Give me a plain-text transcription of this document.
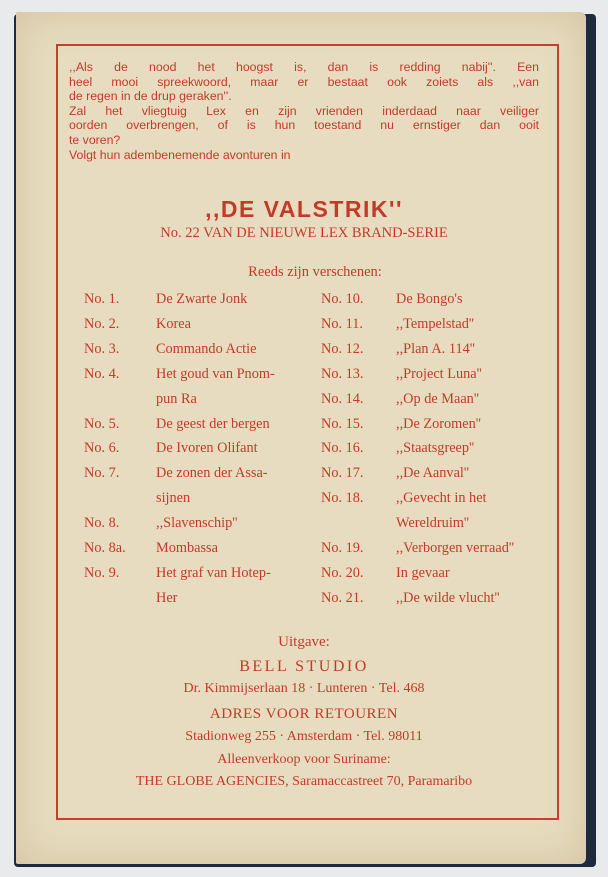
,,Als de nood het hoogst is, dan is redding nabij''. Een
heel mooi spreekwoord, maar er bestaat ook zoiets als ,,van
de regen in de drup geraken''.
Zal het vliegtuig Lex en zijn vrienden inderdaad naar veiliger
oorden overbrengen, of is hun toestand nu ernstiger dan ooit
te voren?
Volgt hun adembenemende avonturen in
,,DE VALSTRIK''
No. 22 VAN DE NIEUWE LEX BRAND-SERIE
Reeds zijn verschenen:
No. 1.	De Zwarte Jonk
No. 2.	Korea
No. 3.	Commando Actie
No. 4.	Het goud van Pnom-
pun Ra
No. 5.	De geest der bergen
No. 6.	De Ivoren Olifant
No. 7.	De zonen der Assa-
sijnen
No. 8.	,,Slavenschip''
No. 8a. Mombassa
No. 9.	Het graf van Hotep-
Her
No. 10. De Bongo's
No. 11. ,,Tempelstad''
No. 12. ,,Plan A. 114''
No. 13. ,,Project Luna''
No. 14. ,,Op de Maan''
No. 15. ,,De Zoromen''
No. 16. ,,Staatsgreep''
No. 17. ,,De Aanval''
No. 18. ,,Gevecht in het
Wereldruim''
No. 19. ,,Verborgen verraad''
No. 20. In gevaar
No. 21. ,,De wilde vlucht''
Uitgave:
BELL STUDIO
Dr. Kimmijserlaan 18 · Lunteren · Tel. 468
ADRES VOOR RETOUREN
Stadionweg 255 · Amsterdam · Tel. 98011
Alleenverkoop voor Suriname:
THE GLOBE AGENCIES, Saramaccastreet 70, Paramaribo
